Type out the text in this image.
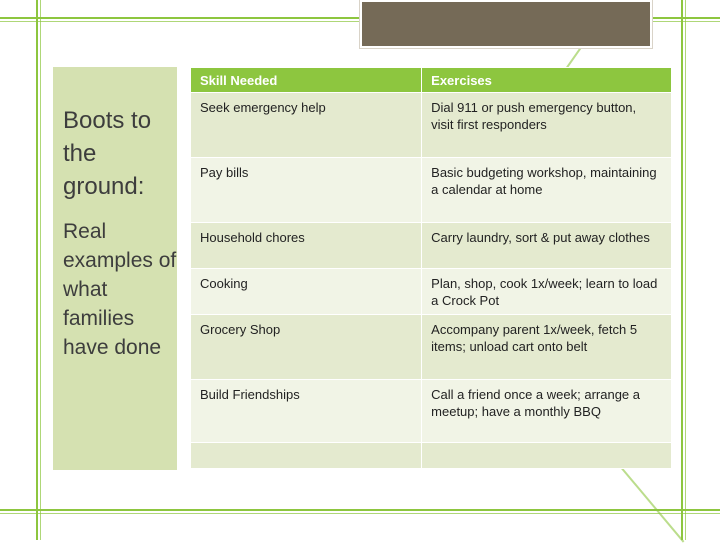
Boots to the ground:

Real examples of what families have done

Skill Needed	Exercises
Seek emergency help	Dial 911 or push emergency button, visit first responders
Pay bills	Basic budgeting workshop, maintaining a calendar at home
Household chores	Carry laundry, sort & put away clothes
Cooking	Plan, shop, cook 1x/week; learn to load a Crock Pot
Grocery Shop	Accompany parent 1x/week, fetch 5 items; unload cart onto belt
Build Friendships	Call a friend once a week; arrange a meetup; have a monthly BBQ
